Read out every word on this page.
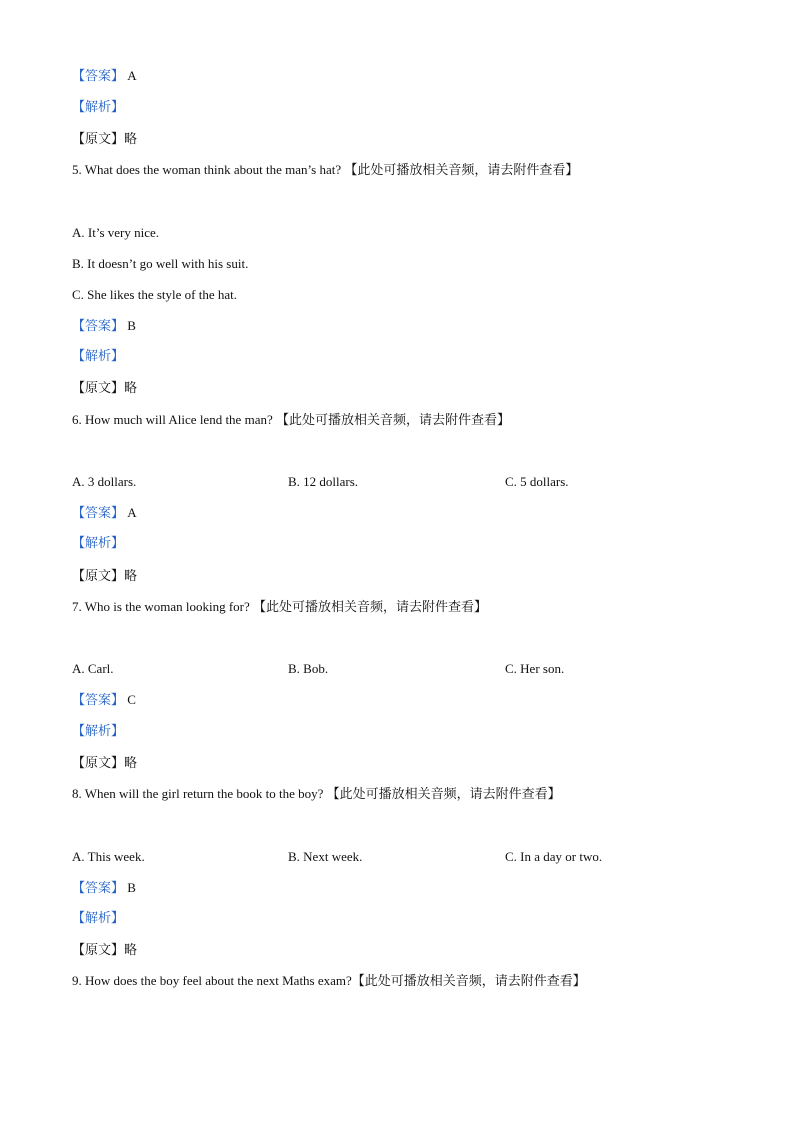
【答案】 A
【解析】
【原文】略
5. What does the woman think about the man’s hat? 【此处可播放相关音频，请去附件查看】
A. It’s very nice.
B. It doesn’t go well with his suit.
C. She likes the style of the hat.
【答案】 B
【解析】
【原文】略
6. How much will Alice lend the man? 【此处可播放相关音频，请去附件查看】
A. 3 dollars.	B. 12 dollars.	C. 5 dollars.
【答案】 A
【解析】
【原文】略
7. Who is the woman looking for? 【此处可播放相关音频，请去附件查看】
A. Carl.	B. Bob.	C. Her son.
【答案】 C
【解析】
【原文】略
8. When will the girl return the book to the boy? 【此处可播放相关音频，请去附件查看】
A. This week.	B. Next week.	C. In a day or two.
【答案】 B
【解析】
【原文】略
9. How does the boy feel about the next Maths exam?【此处可播放相关音频，请去附件查看】
